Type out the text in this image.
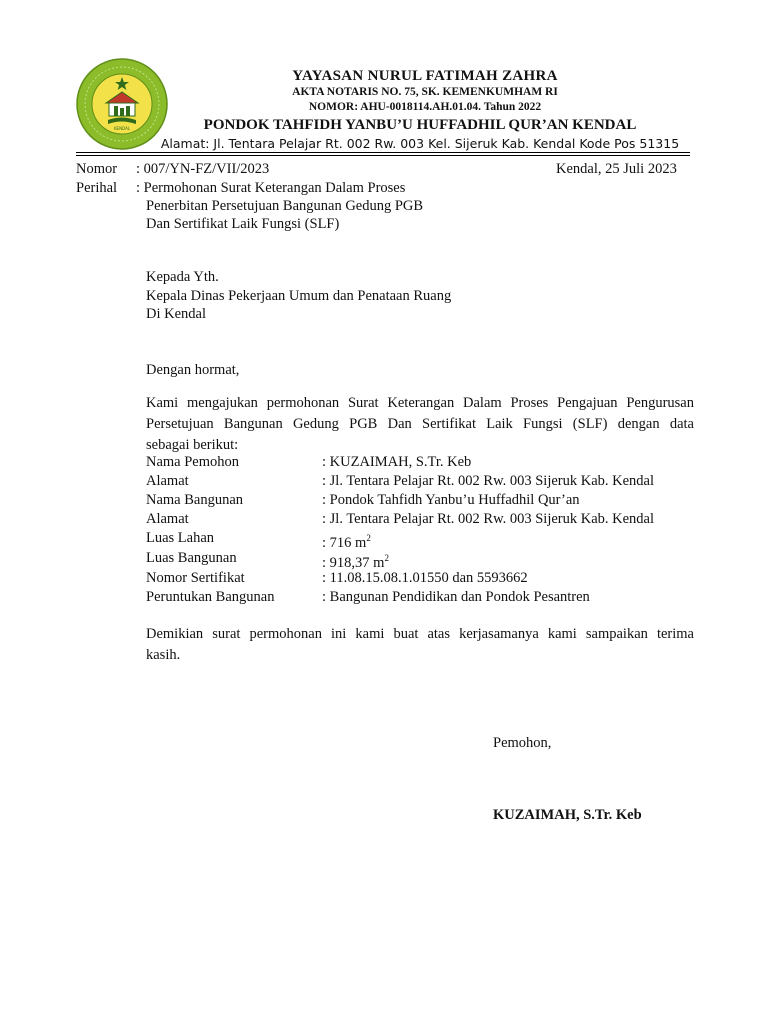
KENDAL
YAYASAN NURUL FATIMAH ZAHRA
AKTA NOTARIS NO. 75, SK. KEMENKUMHAM RI
NOMOR: AHU-0018114.AH.01.04. Tahun 2022
PONDOK TAHFIDH YANBU’U HUFFADHIL QUR’AN KENDAL
Alamat: Jl. Tentara Pelajar Rt. 002 Rw. 003 Kel. Sijeruk Kab. Kendal Kode Pos 51315
Nomor : 007/YN-FZ/VII/2023	Kendal, 25 Juli 2023
Perihal : Permohonan Surat Keterangan Dalam Proses
Penerbitan Persetujuan Bangunan Gedung PGB
Dan Sertifikat Laik Fungsi (SLF)
Kepada Yth.
Kepala Dinas Pekerjaan Umum dan Penataan Ruang
Di Kendal
Dengan hormat,
Kami mengajukan permohonan Surat Keterangan Dalam Proses Pengajuan Pengurusan
Persetujuan Bangunan Gedung PGB Dan Sertifikat Laik Fungsi (SLF) dengan data
sebagai berikut:
Nama Pemohon	: KUZAIMAH, S.Tr. Keb
Alamat	: Jl. Tentara Pelajar Rt. 002 Rw. 003 Sijeruk Kab. Kendal
Nama Bangunan	: Pondok Tahfidh Yanbu’u Huffadhil Qur’an
Alamat	: Jl. Tentara Pelajar Rt. 002 Rw. 003 Sijeruk Kab. Kendal
Luas Lahan	: 716 $m^2$
Luas Bangunan	: 918,37 $m^2$
Nomor Sertifikat	: 11.08.15.08.1.01550 dan 5593662
Peruntukan Bangunan	: Bangunan Pendidikan dan Pondok Pesantren
Demikian surat permohonan ini kami buat atas kerjasamanya kami sampaikan terima
kasih.
Pemohon,
KUZAIMAH, S.Tr. Keb
